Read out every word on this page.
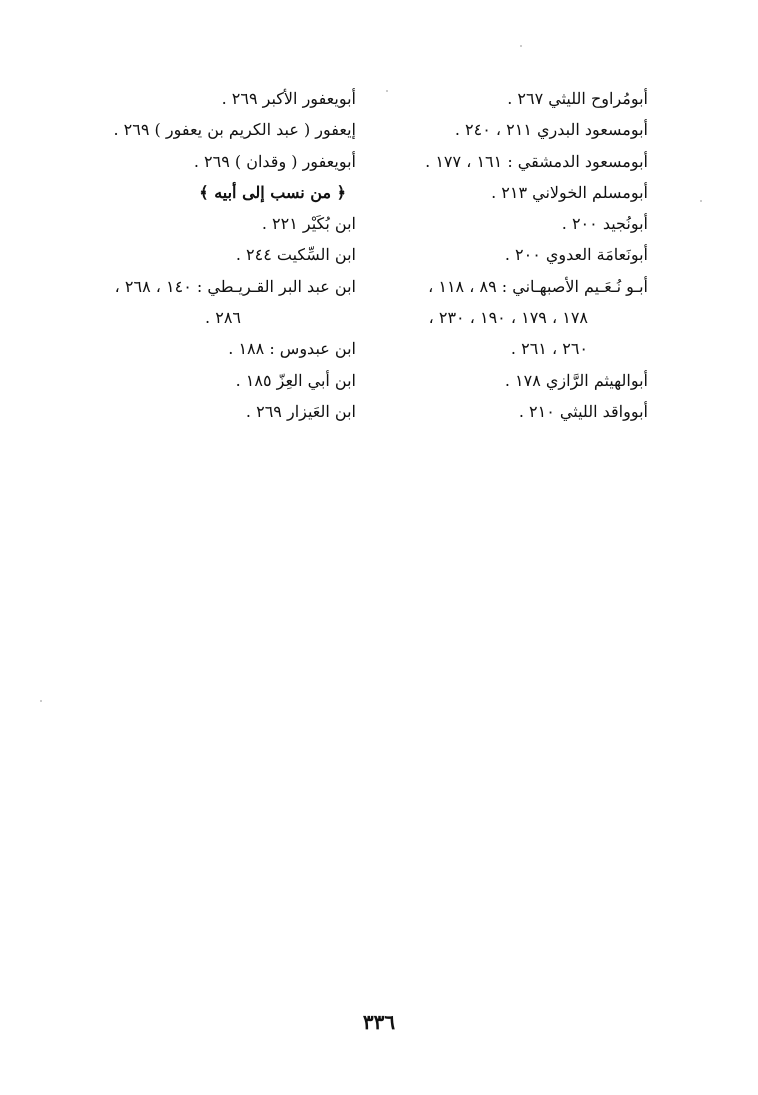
أبومُراوح الليثي ٢٦٧ .
أبومسعود البدري ٢١١ ، ٢٤٠ .
أبومسعود الدمشقي : ١٦١ ، ١٧٧ .
أبومسلم الخولاني ٢١٣ .
أبونُجيد ٢٠٠ .
أبونَعامَة العدوي ٢٠٠ .
أبـو نُـعَـيم الأصبهـاني : ٨٩ ، ١١٨ ،
١٧٨ ، ١٧٩ ، ١٩٠ ، ٢٣٠ ،
٢٦٠ ، ٢٦١ .
أبوالهيثم الرَّازي ١٧٨ .
أبوواقد الليثي ٢١٠ .
أبويعفور الأكبر ٢٦٩ .
إيعفور ( عبد الكريم بن يعفور ) ٢٦٩ .
أبويعفور ( وقدان ) ٢٦٩ .
﴿ من نسب إلى أبيه ﴾
ابن بُكَيْر ٢٢١ .
ابن السِّكيت ٢٤٤ .
ابن عبد البر القـريـطي : ١٤٠ ، ٢٦٨ ،
٢٨٦ .
ابن عبدوس : ١٨٨ .
ابن أبي العِزّ ١٨٥ .
ابن العَيزار ٢٦٩ .
٣٣٦
